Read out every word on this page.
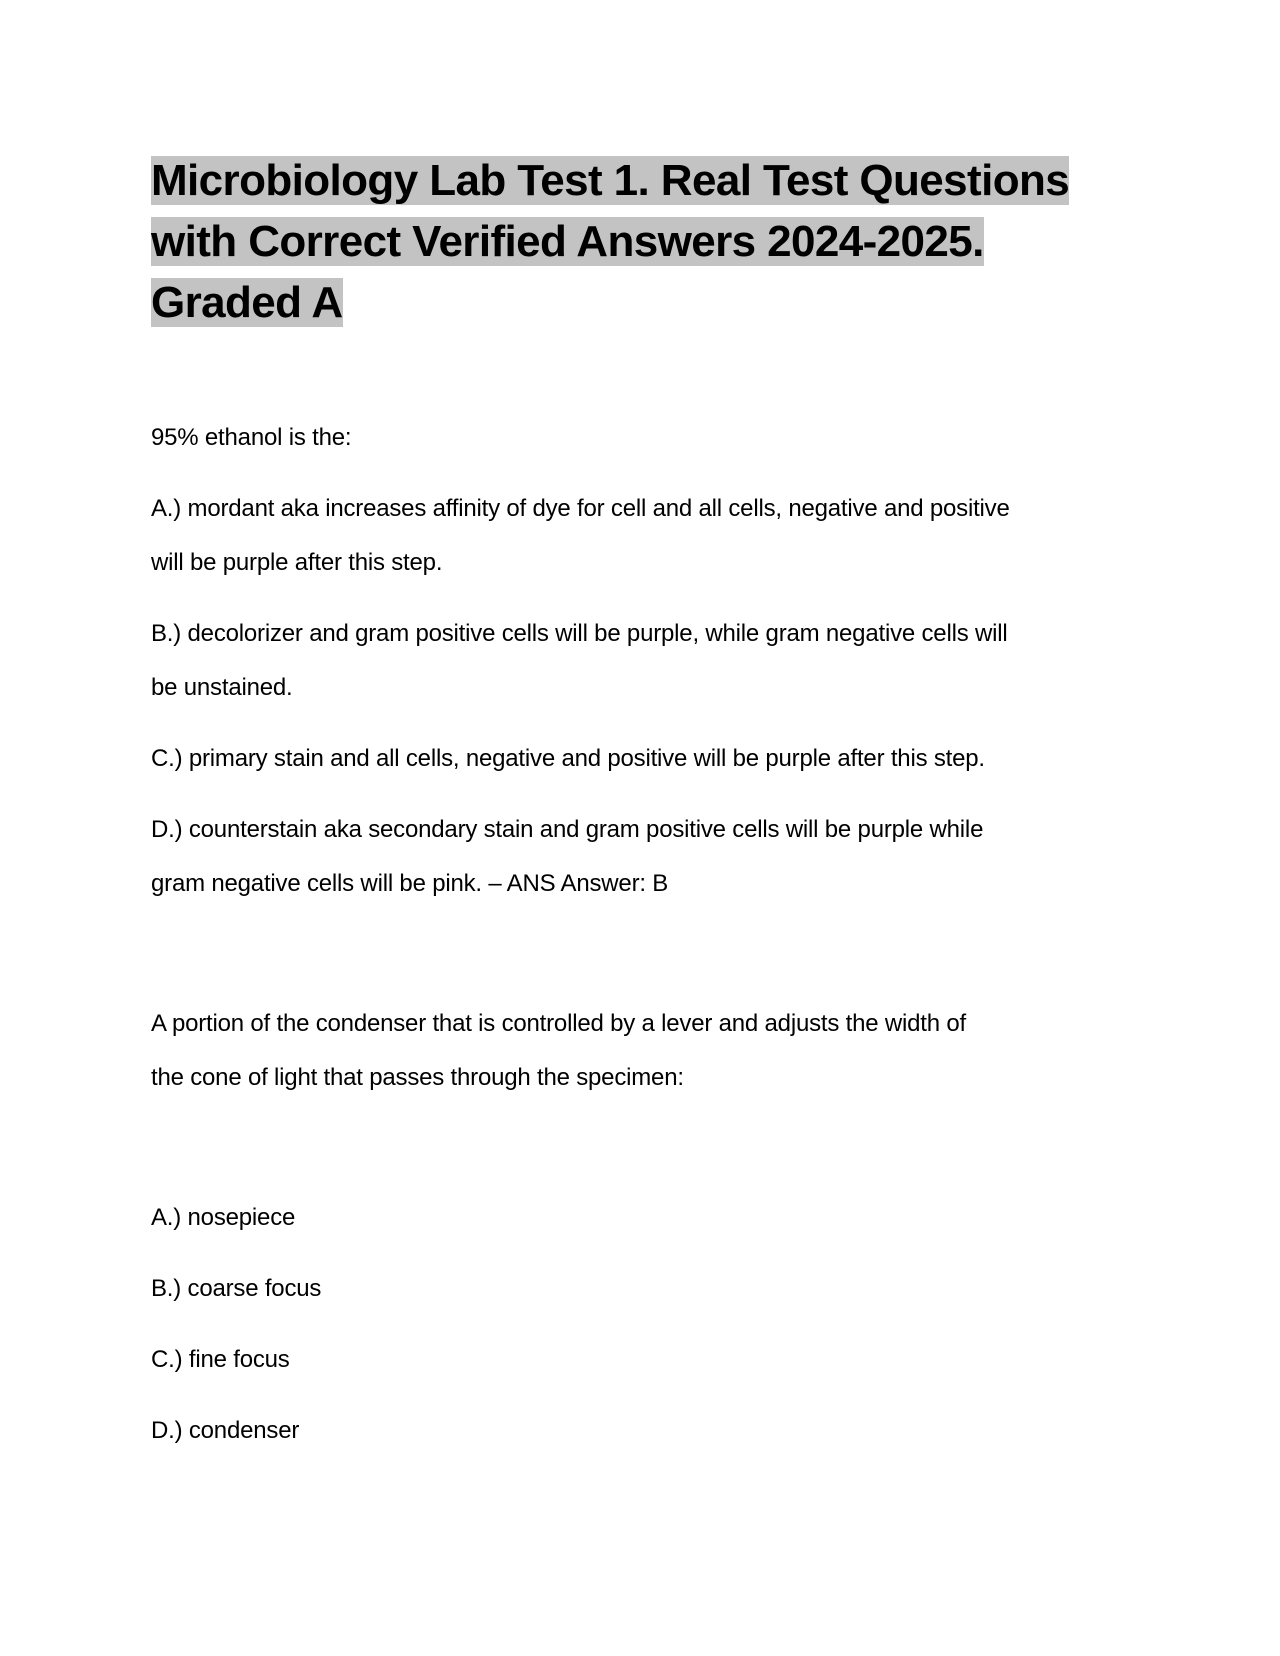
Microbiology Lab Test 1. Real Test Questions
with Correct Verified Answers 2024-2025.
Graded A

95% ethanol is the:

A.) mordant aka increases affinity of dye for cell and all cells, negative and positive
will be purple after this step.

B.) decolorizer and gram positive cells will be purple, while gram negative cells will
be unstained.

C.) primary stain and all cells, negative and positive will be purple after this step.

D.) counterstain aka secondary stain and gram positive cells will be purple while
gram negative cells will be pink. – ANS Answer: B

A portion of the condenser that is controlled by a lever and adjusts the width of
the cone of light that passes through the specimen:

A.) nosepiece

B.) coarse focus

C.) fine focus

D.) condenser
